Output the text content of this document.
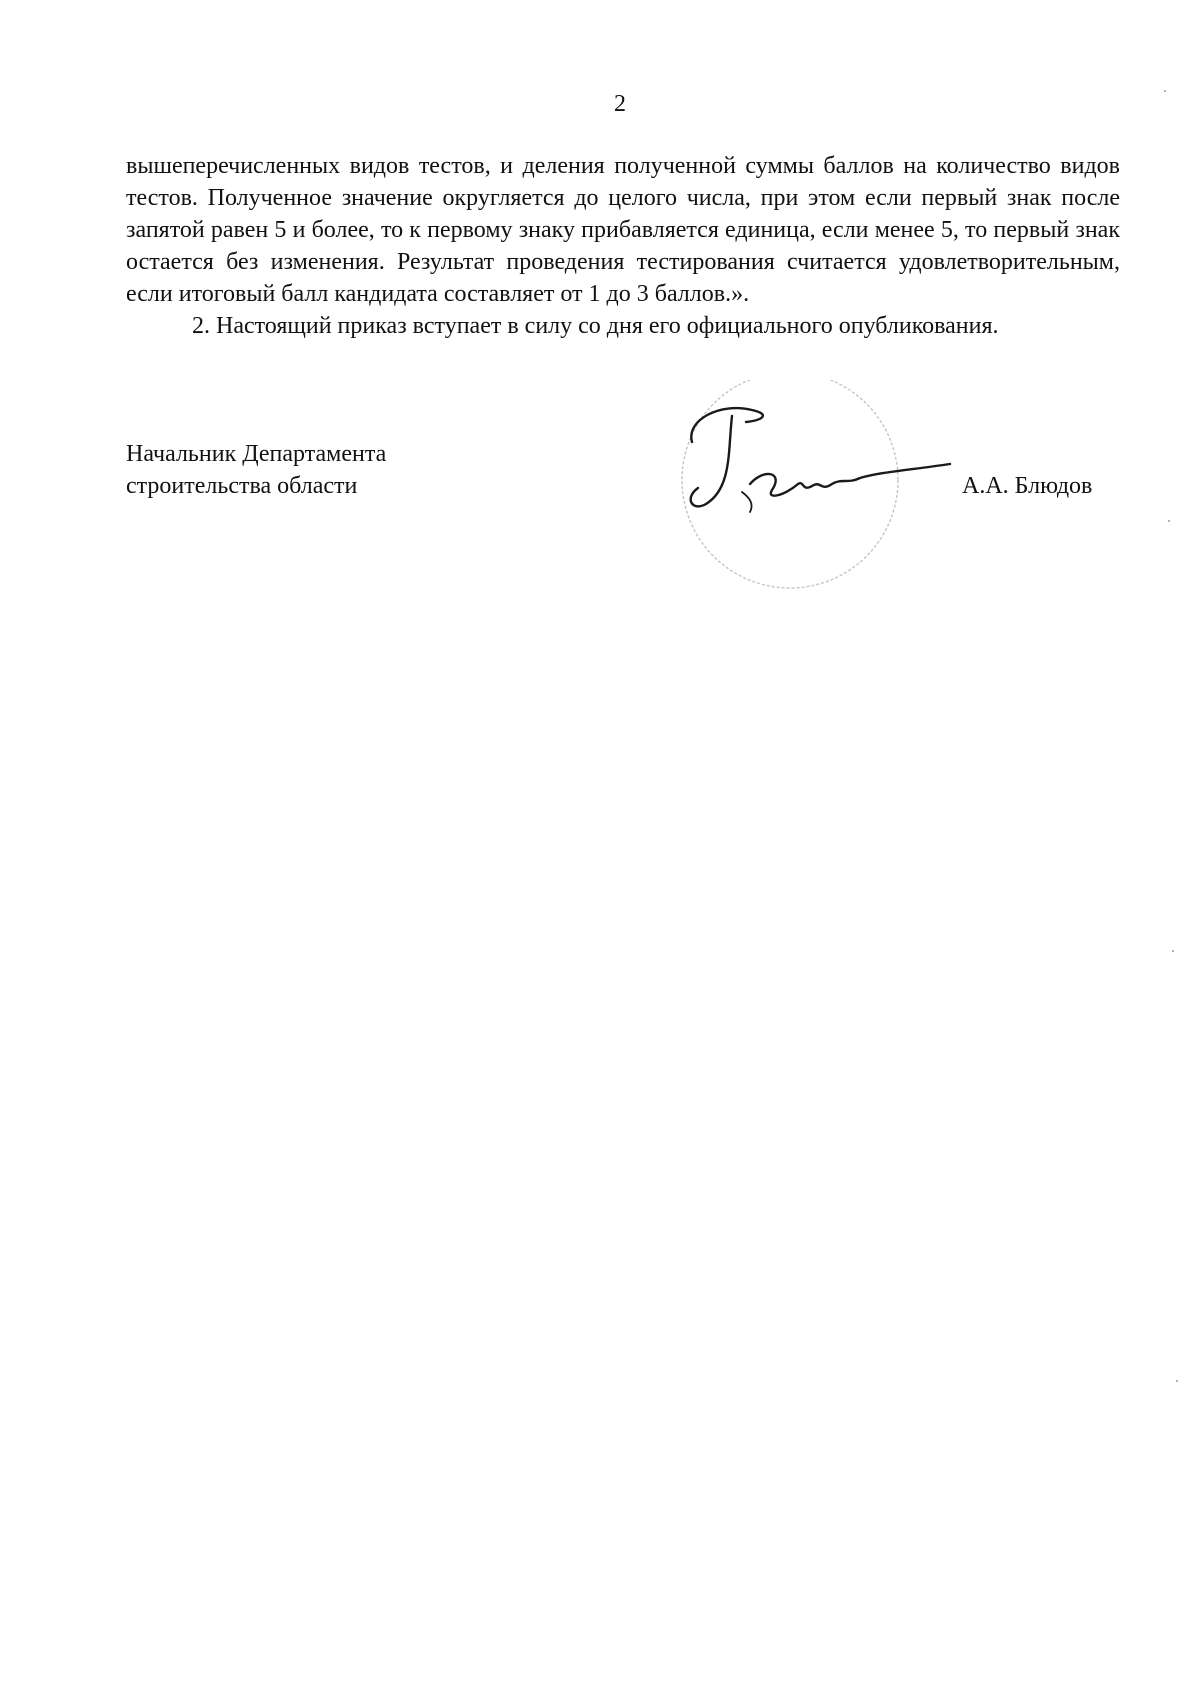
2

вышеперечисленных видов тестов, и деления полученной суммы баллов на количество видов тестов. Полученное значение округляется до целого числа, при этом если первый знак после запятой равен 5 и более, то к первому знаку прибавляется единица, если менее 5, то первый знак остается без изменения. Результат проведения тестирования считается удовлетворительным, если итоговый балл кандидата составляет от 1 до 3 баллов.».

2. Настоящий приказ вступает в силу со дня его официального опубликования.

Начальник Департамента
строительства области	А.А. Блюдов
